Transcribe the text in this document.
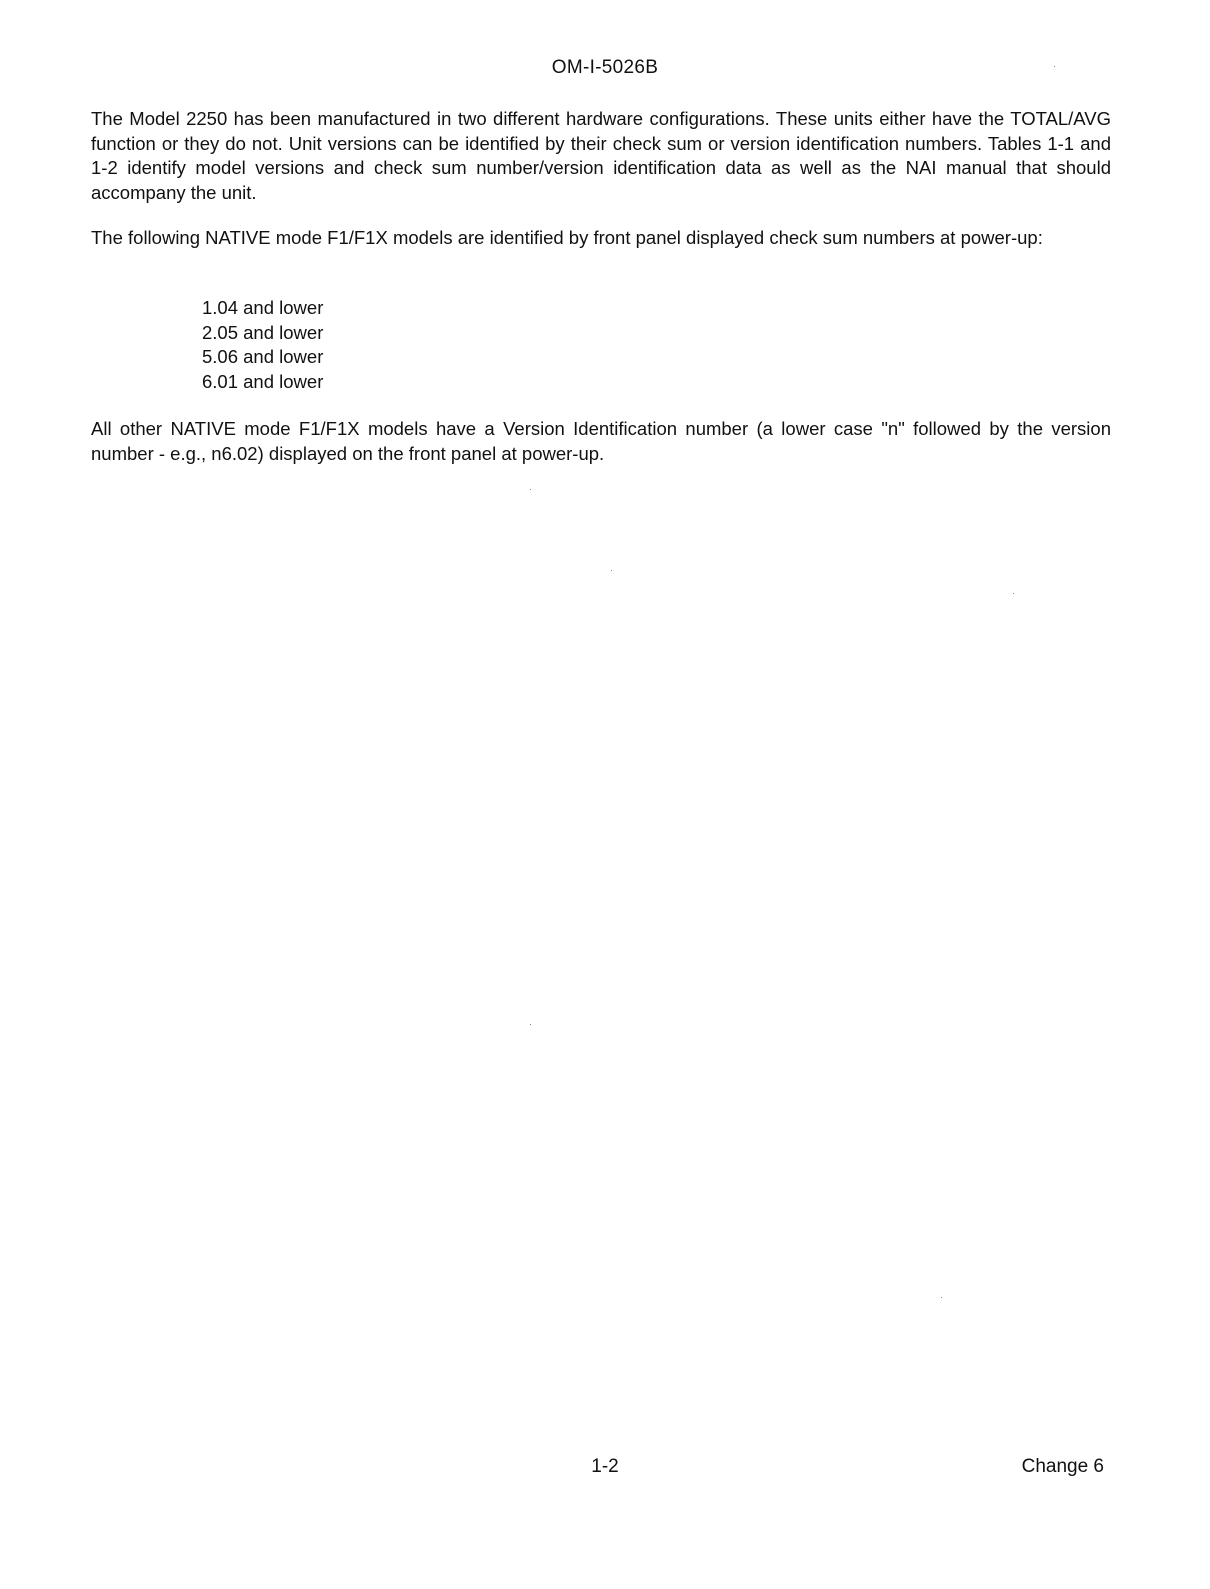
OM-I-5026B

The Model 2250 has been manufactured in two different hardware configurations. These units either have the TOTAL/AVG function or they do not. Unit versions can be identified by their check sum or version identification numbers. Tables 1-1 and 1-2 identify model versions and check sum number/version identification data as well as the NAI manual that should accompany the unit.

The following NATIVE mode F1/F1X models are identified by front panel displayed check sum numbers at power-up:

1.04 and lower
2.05 and lower
5.06 and lower
6.01 and lower

All other NATIVE mode F1/F1X models have a Version Identification number (a lower case "n" followed by the version number - e.g., n6.02) displayed on the front panel at power-up.

1-2	Change 6
